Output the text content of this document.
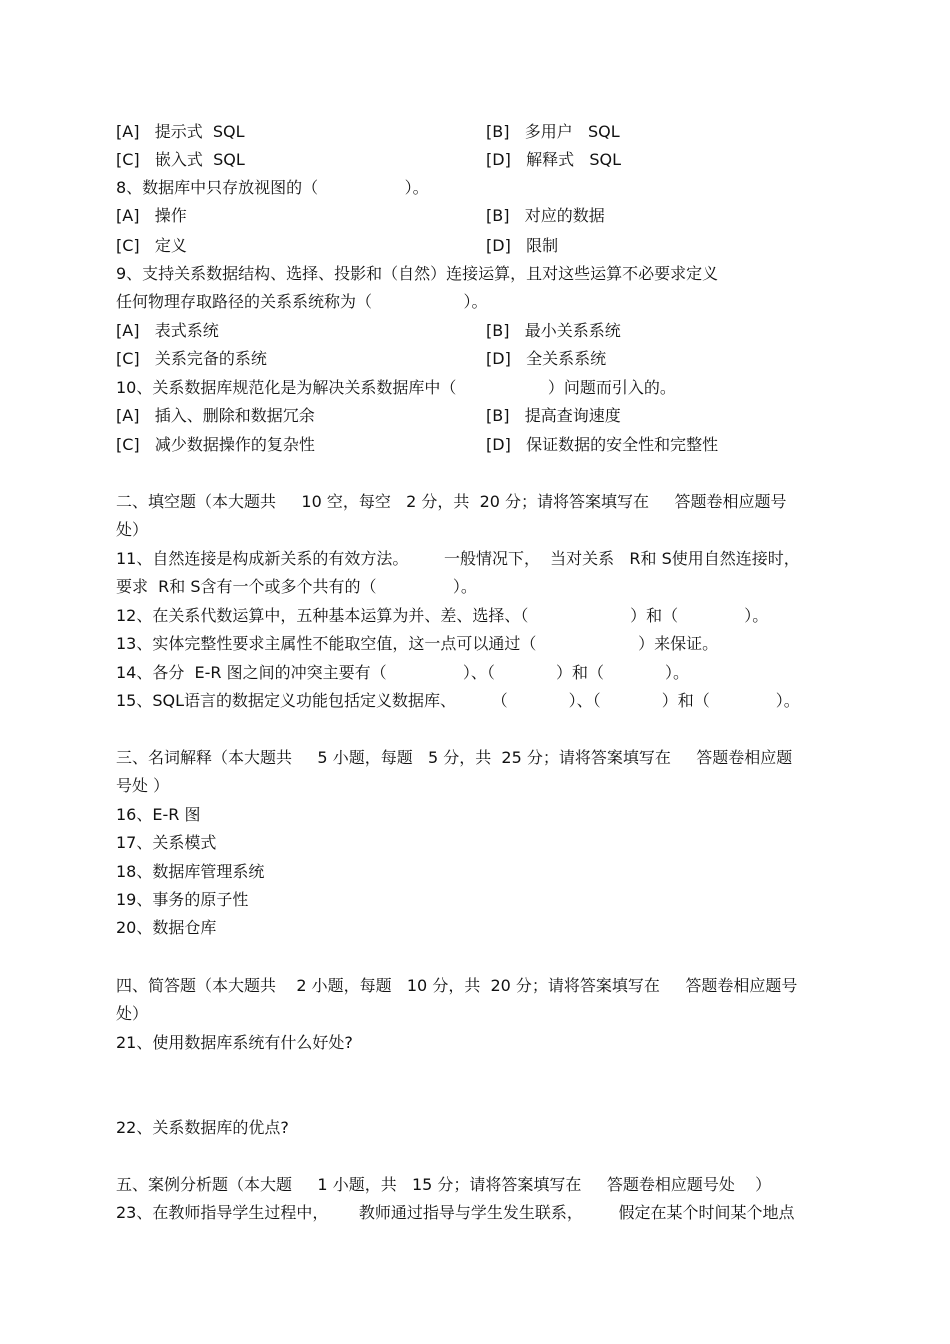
[A]   提示式  SQL	[B]   多用户   SQL
[C]   嵌入式  SQL	[D]   解释式   SQL
8、数据库中只存放视图的（                 ）。
[A]   操作	[B]   对应的数据
[C]   定义	[D]   限制
9、支持关系数据结构、选择、投影和（自然）连接运算，且对这些运算不必要求定义
任何物理存取路径的关系系统称为（                  ）。
[A]   表式系统	[B]   最小关系系统
[C]   关系完备的系统	[D]   全关系系统
10、关系数据库规范化是为解决关系数据库中（                  ）问题而引入的。
[A]   插入、删除和数据冗余	[B]   提高查询速度
[C]   减少数据操作的复杂性	[D]   保证数据的安全性和完整性
二、填空题（本大题共     10 空，每空   2 分，共  20 分；请将答案填写在     答题卷相应题号
处）
11、自然连接是构成新关系的有效方法。       一般情况下，  当对关系   R和 S使用自然连接时，
要求  R和 S含有一个或多个共有的（               ）。
12、在关系代数运算中，五种基本运算为并、差、选择、（                    ）和（             ）。
13、实体完整性要求主属性不能取空值，这一点可以通过（                    ）来保证。
14、各分  E-R 图之间的冲突主要有（               ）、（            ）和（            ）。
15、SQL语言的数据定义功能包括定义数据库、       （            ）、（            ）和（             ）。
三、名词解释（本大题共     5 小题，每题   5 分，共  25 分；请将答案填写在     答题卷相应题
号处 ）
16、E-R 图
17、关系模式
18、数据库管理系统
19、事务的原子性
20、数据仓库
四、简答题（本大题共    2 小题，每题   10 分，共  20 分；请将答案填写在     答题卷相应题号
处）
21、使用数据库系统有什么好处?
22、关系数据库的优点?
五、案例分析题（本大题     1 小题，共   15 分；请将答案填写在     答题卷相应题号处    ）
23、在教师指导学生过程中，      教师通过指导与学生发生联系，       假定在某个时间某个地点
